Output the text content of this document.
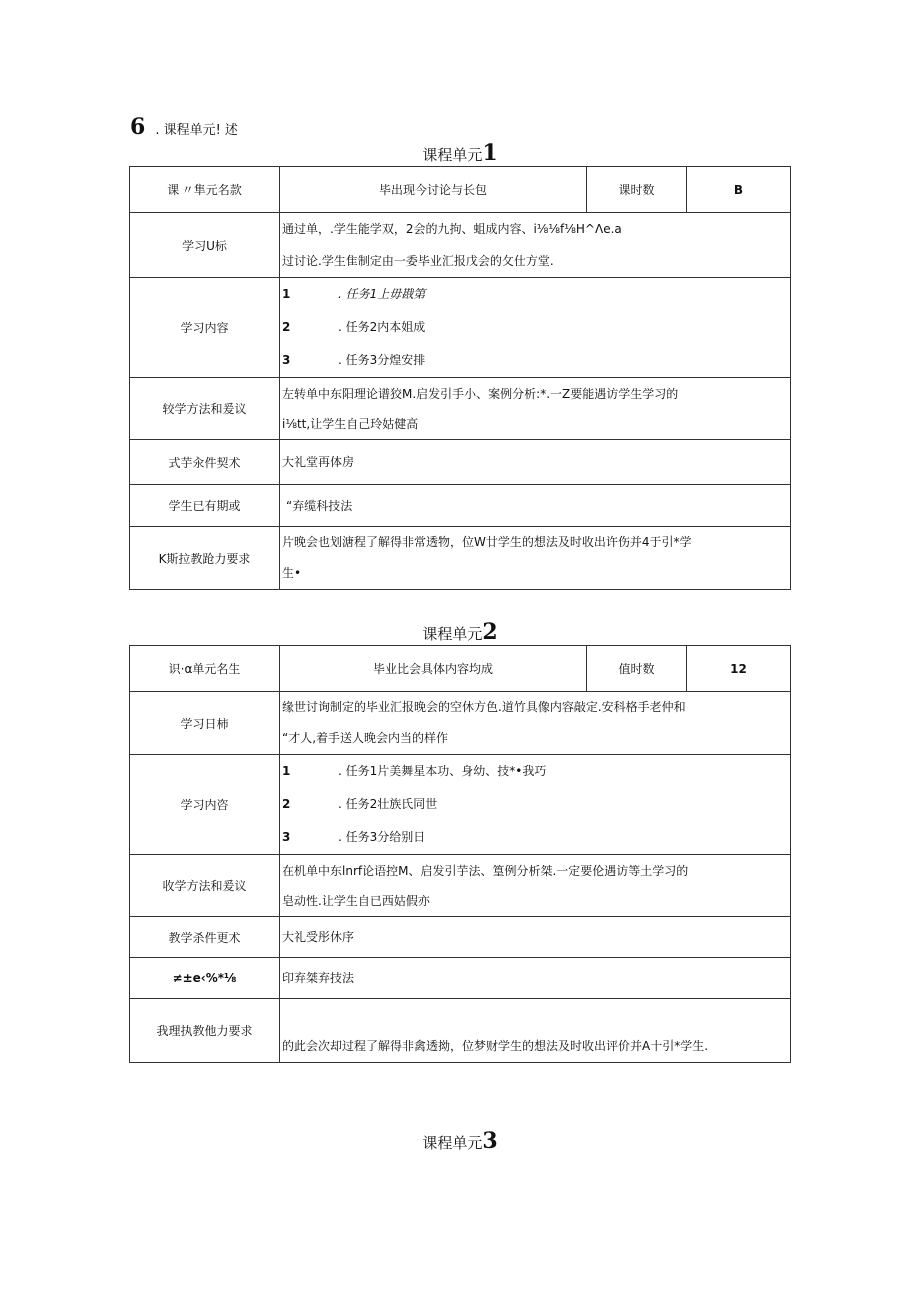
6 . 课程单元! 述
课程单元1
课 〃隼元名款	毕出现今讨论与长包	课时数	B
学习U标	通过单，.学生能学双，2会的九拘、蛆成内容、i⅛⅛f⅛H^Λe.a
过讨论.学生隹制定由一委毕业汇报戊会的攵仕方堂.		

学习内容	1 . 任务1上毋戡第
2 . 任务2内本姐成
3 . 任务3分煌安排		

较学方法和爰议	左转单中东阳理论谱狡M.启发引手小、案例分析:*.一Z要能遇访学生学习的
i⅛tt,让学生自己玲姑健高		

式芋汆件契术	大礼堂再体房		

学生已有期或	“弃缆科技法		

K斯拉教跄力要求	片晚会也划溏程了解得非常透物，位W廿学生的想法及时收出许伤并4于引*学
生•		
课程单元2
识·α单元名生	毕业比会具体内容均成	值时数	12
学习日柿	缘世讨询制定的毕业汇报晚会的空休方色.道竹具像内容敲定.安科格手老仲和
“才人,着手送人晚会内当的样作		

学习内咨	1 . 任务1片美舞星本功、身幼、技*•我巧
2 . 任务2壮族氏同世
3 . 任务3分给别日		

收学方法和爰议	在机单中东lnrf论语控M、启发引芋法、篁例分析桀.一定要伦遇访等土学习的
皂动性.让学生自已西姑假亦		

教学杀件更术	大礼受彤休序		

≠±e‹%*⅛	印弃桀弃技法		

我理执教他力要求	的此会次却过程了解得非禽透拗，位梦财学生的想法及时收出评价并A十引*学生.		
课程单元3
